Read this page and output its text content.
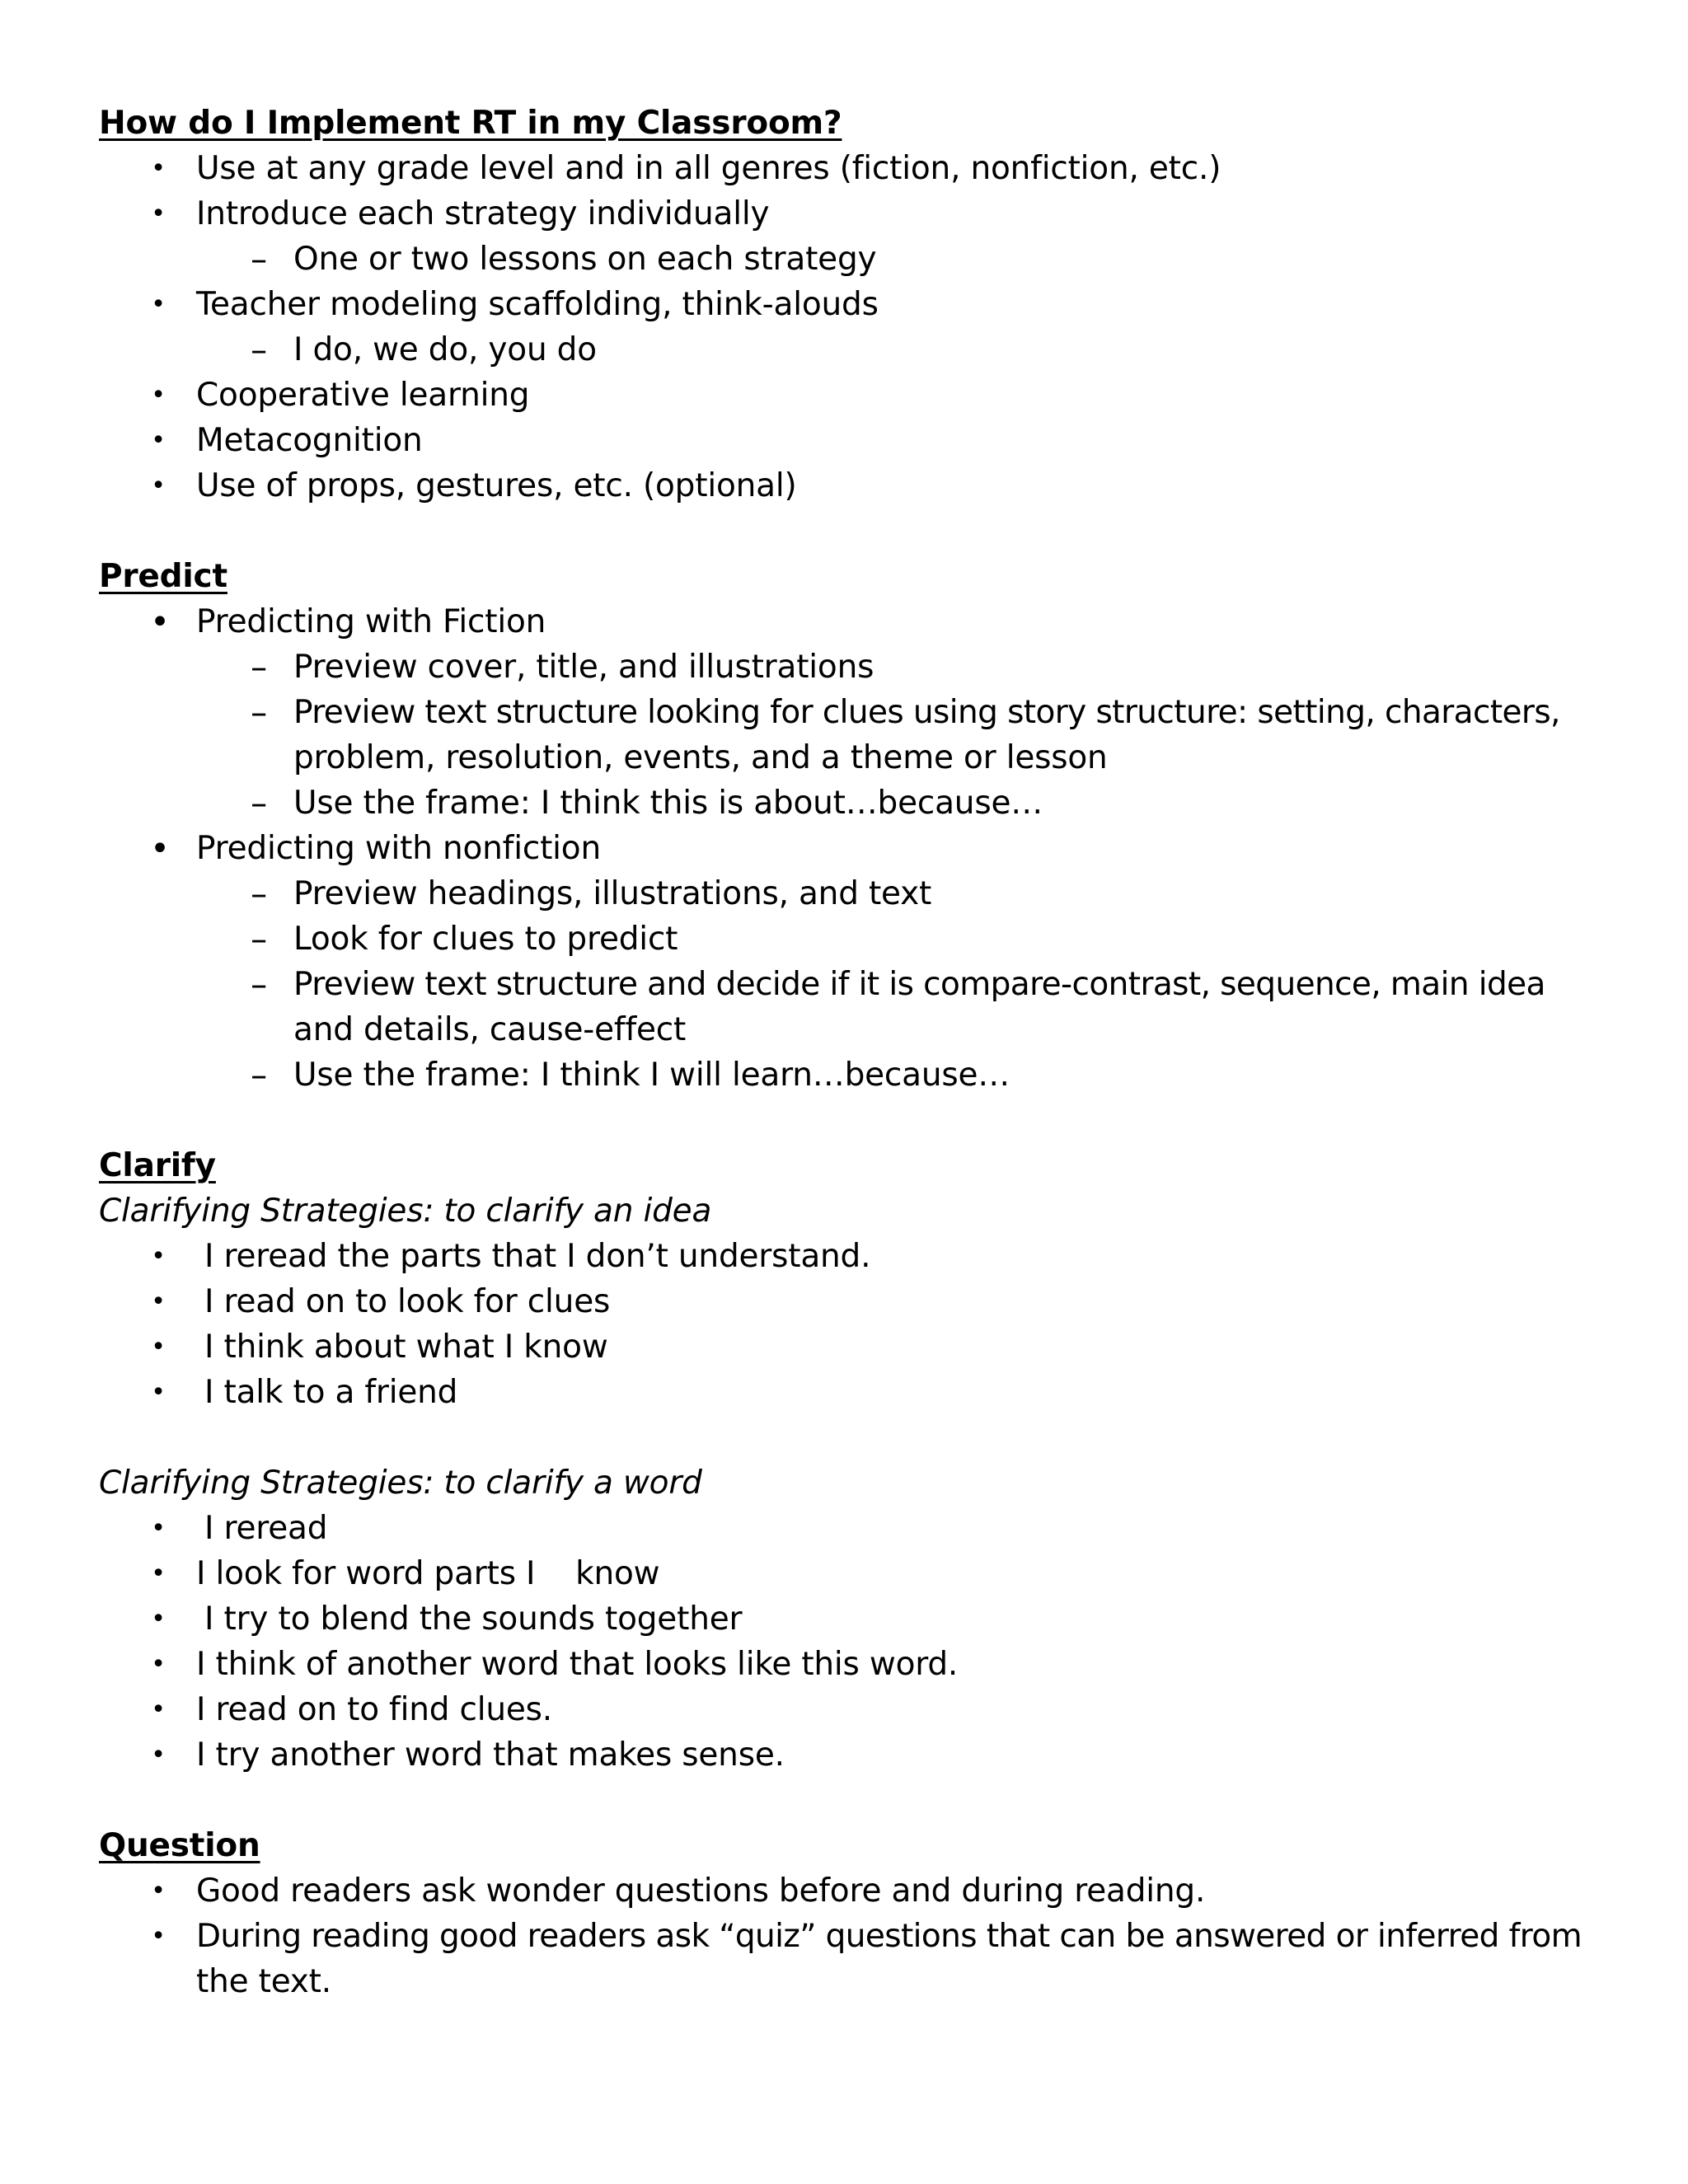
How do I Implement RT in my Classroom?
• Use at any grade level and in all genres (fiction, nonfiction, etc.)
• Introduce each strategy individually
– One or two lessons on each strategy
• Teacher modeling scaffolding, think-alouds
– I do, we do, you do
• Cooperative learning
• Metacognition
• Use of props, gestures, etc. (optional)
Predict
• Predicting with Fiction
– Preview cover, title, and illustrations
– Preview text structure looking for clues using story structure: setting, characters,
problem, resolution, events, and a theme or lesson
– Use the frame: I think this is about…because…
• Predicting with nonfiction
– Preview headings, illustrations, and text
– Look for clues to predict
– Preview text structure and decide if it is compare-contrast, sequence, main idea
and details, cause-effect
– Use the frame: I think I will learn…because…
Clarify
Clarifying Strategies: to clarify an idea
• I reread the parts that I don’t understand.
• I read on to look for clues
• I think about what I know
• I talk to a friend
Clarifying Strategies: to clarify a word
• I reread
• I look for word parts I    know
• I try to blend the sounds together
• I think of another word that looks like this word.
• I read on to find clues.
• I try another word that makes sense.
Question
• Good readers ask wonder questions before and during reading.
• During reading good readers ask “quiz” questions that can be answered or inferred from
the text.
